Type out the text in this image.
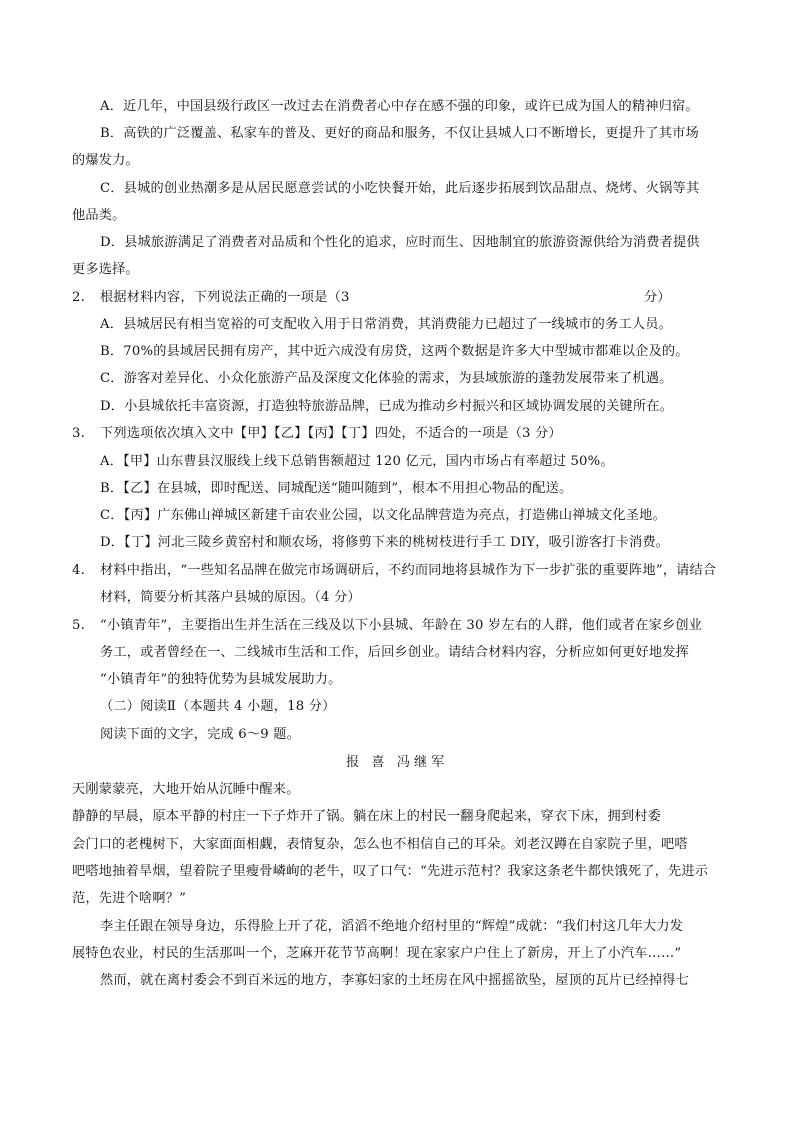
A．近几年，中国县级行政区一改过去在消费者心中存在感不强的印象，或许已成为国人的精神归宿。
B．高铁的广泛覆盖、私家车的普及、更好的商品和服务，不仅让县城人口不断增长，更提升了其市场
的爆发力。
C．县城的创业热潮多是从居民愿意尝试的小吃快餐开始，此后逐步拓展到饮品甜点、烧烤、火锅等其
他品类。
D．县城旅游满足了消费者对品质和个性化的追求，应时而生、因地制宜的旅游资源供给为消费者提供
更多选择。
2. 根据材料内容，下列说法正确的一项是（3	分）
A．县城居民有相当宽裕的可支配收入用于日常消费，其消费能力已超过了一线城市的务工人员。
B．70%的县域居民拥有房产，其中近六成没有房贷，这两个数据是许多大中型城市都难以企及的。
C．游客对差异化、小众化旅游产品及深度文化体验的需求，为县域旅游的蓬勃发展带来了机遇。
D．小县城依托丰富资源，打造独特旅游品牌，已成为推动乡村振兴和区域协调发展的关键所在。
3. 下列选项依次填入文中【甲】【乙】【丙】【丁】四处，不适合的一项是（3 分）
A．【甲】山东曹县汉服线上线下总销售额超过 120 亿元，国内市场占有率超过 50%。
B．【乙】在县城，即时配送、同城配送“随叫随到”，根本不用担心物品的配送。
C．【丙】广东佛山禅城区新建千亩农业公园，以文化品牌营造为亮点，打造佛山禅城文化圣地。
D．【丁】河北三陵乡黄窑村和顺农场，将修剪下来的桃树枝进行手工 DIY，吸引游客打卡消费。
4. 材料中指出，“一些知名品牌在做完市场调研后，不约而同地将县城作为下一步扩张的重要阵地”，请结合
材料，简要分析其落户县城的原因。（4 分）
5. “小镇青年”，主要指出生并生活在三线及以下小县城、年龄在 30 岁左右的人群，他们或者在家乡创业
务工，或者曾经在一、二线城市生活和工作，后回乡创业。请结合材料内容，分析应如何更好地发挥
“小镇青年”的独特优势为县城发展助力。
（二）阅读Ⅱ（本题共 4 小题，18 分）
阅读下面的文字，完成 6～9 题。
报 喜 冯继军
天刚蒙蒙亮，大地开始从沉睡中醒来。
静静的早晨，原本平静的村庄一下子炸开了锅。躺在床上的村民一翻身爬起来，穿衣下床，拥到村委
会门口的老槐树下，大家面面相觑，表情复杂，怎么也不相信自己的耳朵。刘老汉蹲在自家院子里，吧嗒
吧嗒地抽着旱烟，望着院子里瘦骨嶙峋的老牛，叹了口气：“先进示范村？我家这条老牛都快饿死了，先进示
范，先进个啥啊？”
李主任跟在领导身边，乐得脸上开了花，滔滔不绝地介绍村里的“辉煌”成就：“我们村这几年大力发
展特色农业，村民的生活那叫一个，芝麻开花节节高啊！现在家家户户住上了新房，开上了小汽车……”
然而，就在离村委会不到百米远的地方，李寡妇家的土坯房在风中摇摇欲坠，屋顶的瓦片已经掉得七
